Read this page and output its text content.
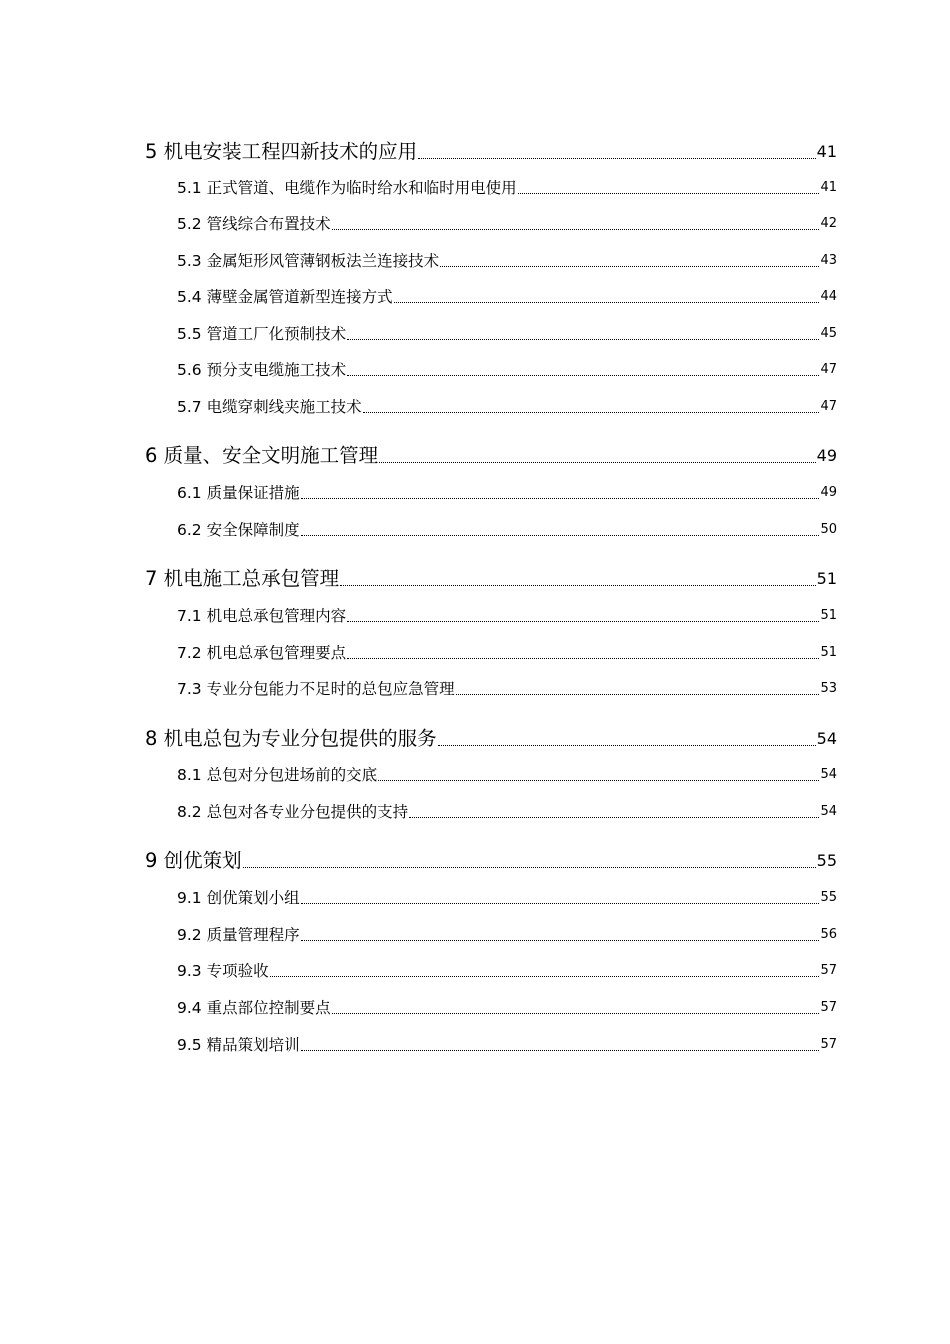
5 机电安装工程四新技术的应用	41
5.1 正式管道、电缆作为临时给水和临时用电使用	41
5.2 管线综合布置技术	42
5.3 金属矩形风管薄钢板法兰连接技术	43
5.4 薄壁金属管道新型连接方式	44
5.5 管道工厂化预制技术	45
5.6 预分支电缆施工技术	47
5.7 电缆穿刺线夹施工技术	47
6 质量、安全文明施工管理	49
6.1 质量保证措施	49
6.2 安全保障制度	50
7 机电施工总承包管理	51
7.1 机电总承包管理内容	51
7.2 机电总承包管理要点	51
7.3 专业分包能力不足时的总包应急管理	53
8 机电总包为专业分包提供的服务	54
8.1 总包对分包进场前的交底	54
8.2 总包对各专业分包提供的支持	54
9 创优策划	55
9.1 创优策划小组	55
9.2 质量管理程序	56
9.3 专项验收	57
9.4 重点部位控制要点	57
9.5 精品策划培训	57
